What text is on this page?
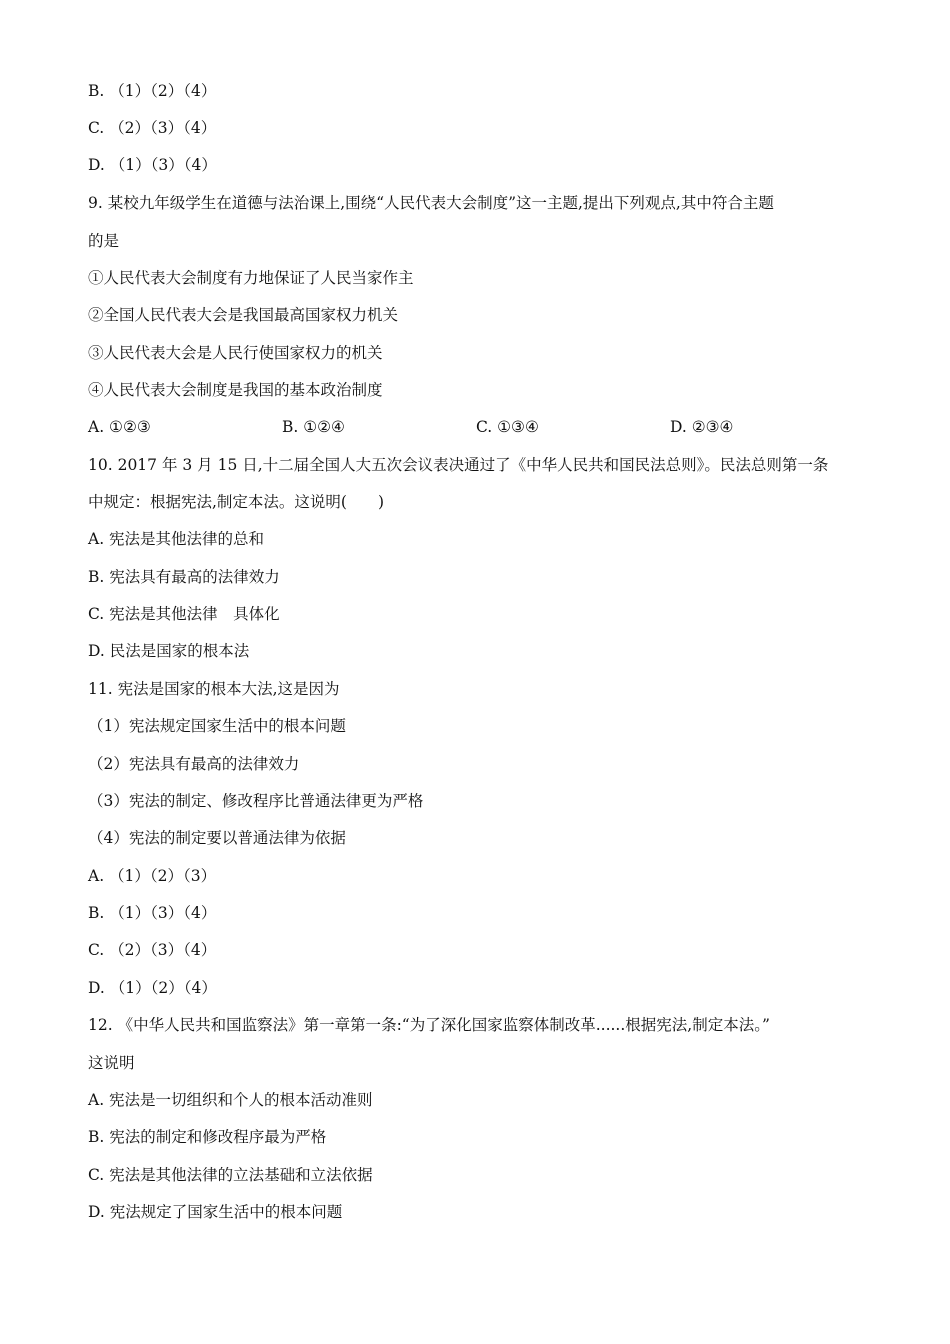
B. （1）（2）（4）
C. （2）（3）（4）
D. （1）（3）（4）
9. 某校九年级学生在道德与法治课上,围绕“人民代表大会制度”这一主题,提出下列观点,其中符合主题
的是
①人民代表大会制度有力地保证了人民当家作主
②全国人民代表大会是我国最高国家权力机关
③人民代表大会是人民行使国家权力的机关
④人民代表大会制度是我国的基本政治制度
A. ①②③	B. ①②④	C. ①③④	D. ②③④
10. 2017 年 3 月 15 日,十二届全国人大五次会议表决通过了《中华人民共和国民法总则》。民法总则第一条
中规定：根据宪法,制定本法。这说明(　　)
A. 宪法是其他法律的总和
B. 宪法具有最高的法律效力
C. 宪法是其他法律　具体化
D. 民法是国家的根本法
11. 宪法是国家的根本大法,这是因为
（1）宪法规定国家生活中的根本问题
（2）宪法具有最高的法律效力
（3）宪法的制定、修改程序比普通法律更为严格
（4）宪法的制定要以普通法律为依据
A. （1）（2）（3）
B. （1）（3）（4）
C. （2）（3）（4）
D. （1）（2）（4）
12. 《中华人民共和国监察法》第一章第一条:“为了深化国家监察体制改革......根据宪法,制定本法。”
这说明
A. 宪法是一切组织和个人的根本活动准则
B. 宪法的制定和修改程序最为严格
C. 宪法是其他法律的立法基础和立法依据
D. 宪法规定了国家生活中的根本问题
